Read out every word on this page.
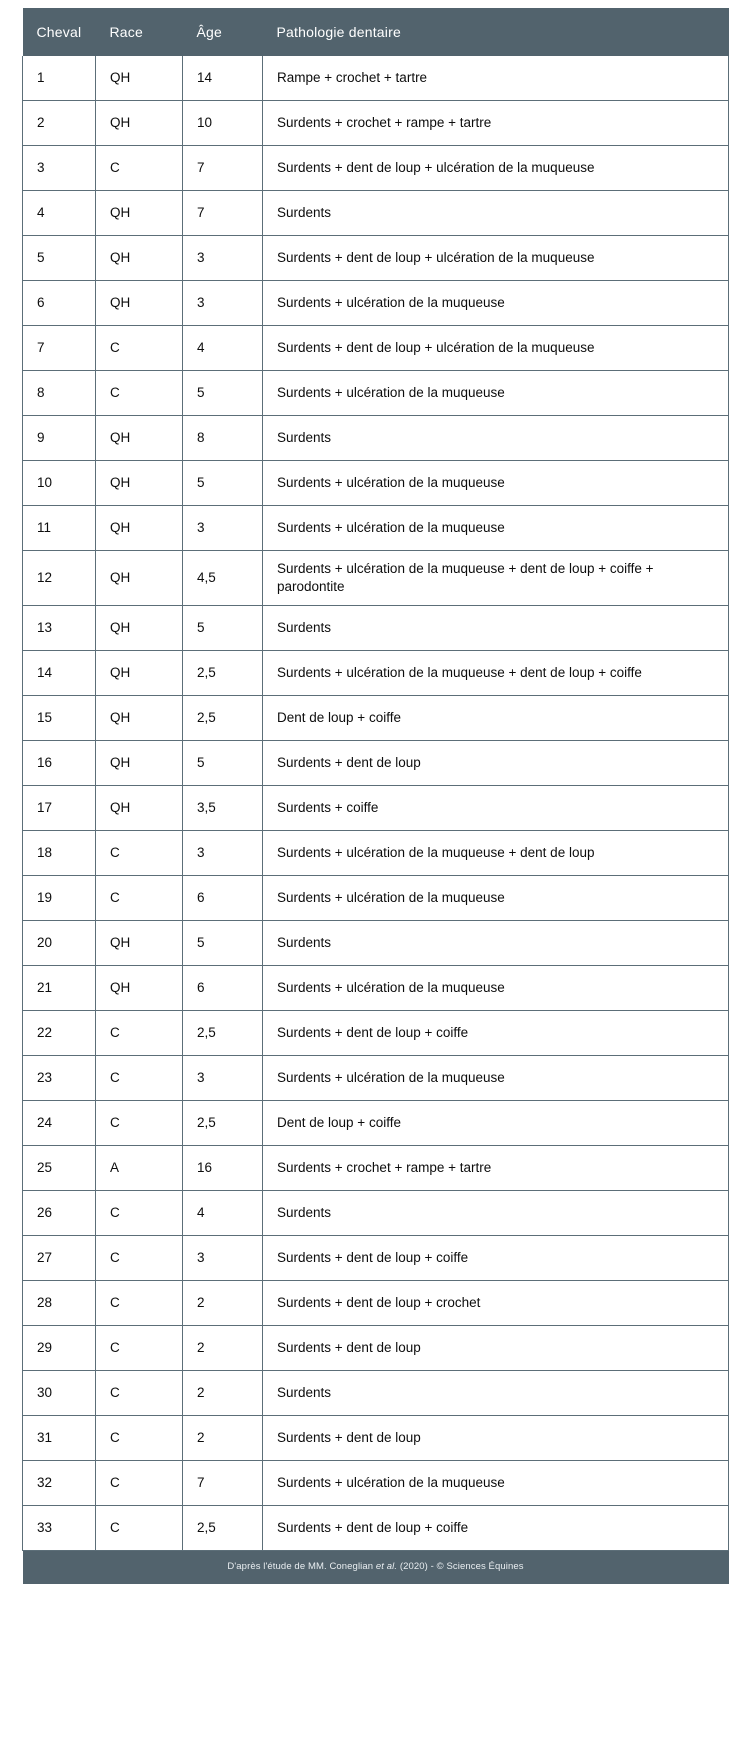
Cheval	Race	Âge	Pathologie dentaire
1	QH	14	Rampe + crochet + tartre
2	QH	10	Surdents + crochet + rampe + tartre
3	C	7	Surdents + dent de loup + ulcération de la muqueuse
4	QH	7	Surdents
5	QH	3	Surdents + dent de loup + ulcération de la muqueuse
6	QH	3	Surdents + ulcération de la muqueuse
7	C	4	Surdents + dent de loup + ulcération de la muqueuse
8	C	5	Surdents + ulcération de la muqueuse
9	QH	8	Surdents
10	QH	5	Surdents + ulcération de la muqueuse
11	QH	3	Surdents + ulcération de la muqueuse
12	QH	4,5	Surdents + ulcération de la muqueuse + dent de loup + coiffe + parodontite
13	QH	5	Surdents
14	QH	2,5	Surdents + ulcération de la muqueuse + dent de loup + coiffe
15	QH	2,5	Dent de loup + coiffe
16	QH	5	Surdents + dent de loup
17	QH	3,5	Surdents + coiffe
18	C	3	Surdents + ulcération de la muqueuse + dent de loup
19	C	6	Surdents + ulcération de la muqueuse
20	QH	5	Surdents
21	QH	6	Surdents + ulcération de la muqueuse
22	C	2,5	Surdents + dent de loup + coiffe
23	C	3	Surdents + ulcération de la muqueuse
24	C	2,5	Dent de loup + coiffe
25	A	16	Surdents + crochet + rampe + tartre
26	C	4	Surdents
27	C	3	Surdents + dent de loup + coiffe
28	C	2	Surdents + dent de loup + crochet
29	C	2	Surdents + dent de loup
30	C	2	Surdents
31	C	2	Surdents + dent de loup
32	C	7	Surdents + ulcération de la muqueuse
33	C	2,5	Surdents + dent de loup + coiffe
D'après l'étude de MM. Coneglian et al. (2020) - © Sciences Équines			
